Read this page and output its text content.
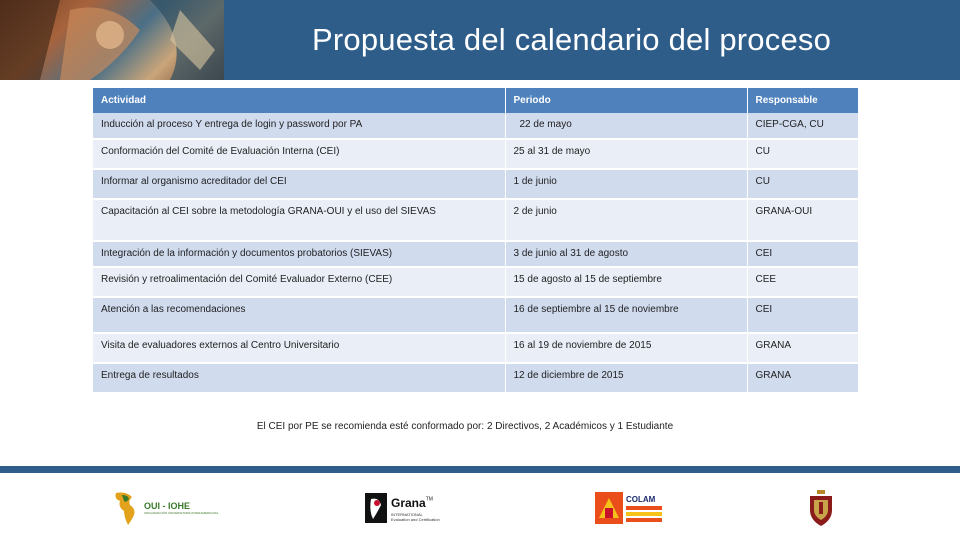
Propuesta del calendario del proceso
Actividad	Periodo	Responsable
Inducción al proceso Y entrega de login y password por PA	22 de mayo	CIEP-CGA, CU
Conformación del Comité de Evaluación Interna (CEI)	25 al 31 de mayo	CU
Informar al organismo acreditador del CEI	1 de junio	CU
Capacitación al CEI sobre la metodología GRANA-OUI y el uso del SIEVAS	2 de junio	GRANA-OUI
Integración de la información y documentos probatorios (SIEVAS)	3 de junio al 31 de agosto	CEI
Revisión y retroalimentación del Comité Evaluador Externo (CEE)	15 de agosto al 15 de septiembre	CEE
Atención a las recomendaciones	16 de septiembre al 15 de noviembre	CEI
Visita de evaluadores externos al Centro Universitario	16 al 19 de noviembre de 2015	GRANA
Entrega de resultados	12 de diciembre de 2015	GRANA
El CEI por PE se recomienda esté conformado por: 2 Directivos, 2 Académicos y 1 Estudiante
OUI - IOHE
ORGANIZACIÓN UNIVERSITARIA INTERAMERICANA
Grana™
INTERNATIONAL
Evaluation and Certification
COLAM
